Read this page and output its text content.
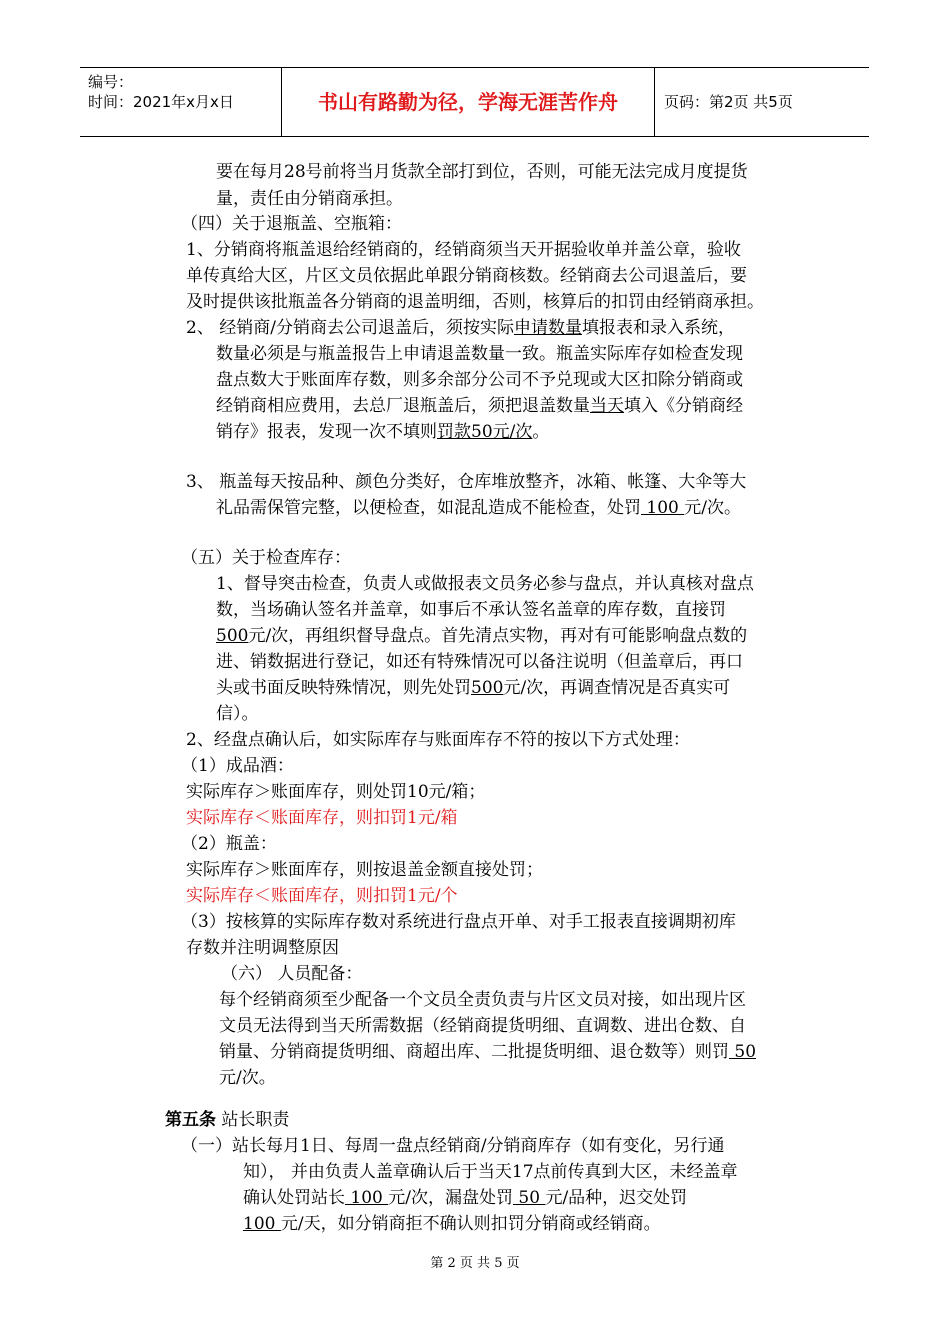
编号：
时间：2021年x月x日	书山有路勤为径，学海无涯苦作舟	页码：第2页 共5页
要在每月28号前将当月货款全部打到位，否则，可能无法完成月度提货
量，责任由分销商承担。
（四）关于退瓶盖、空瓶箱：
1、分销商将瓶盖退给经销商的，经销商须当天开据验收单并盖公章，验收
单传真给大区，片区文员依据此单跟分销商核数。经销商去公司退盖后，要
及时提供该批瓶盖各分销商的退盖明细，否则，核算后的扣罚由经销商承担。
2、 经销商/分销商去公司退盖后，须按实际申请数量填报表和录入系统，
数量必须是与瓶盖报告上申请退盖数量一致。瓶盖实际库存如检查发现
盘点数大于账面库存数，则多余部分公司不予兑现或大区扣除分销商或
经销商相应费用，去总厂退瓶盖后，须把退盖数量当天填入《分销商经
销存》报表，发现一次不填则罚款50元/次。
3、 瓶盖每天按品种、颜色分类好，仓库堆放整齐，冰箱、帐篷、大伞等大
礼品需保管完整，以便检查，如混乱造成不能检查，处罚 100 元/次。
（五）关于检查库存：
1、督导突击检查，负责人或做报表文员务必参与盘点，并认真核对盘点
数，当场确认签名并盖章，如事后不承认签名盖章的库存数，直接罚
500元/次，再组织督导盘点。首先清点实物，再对有可能影响盘点数的
进、销数据进行登记，如还有特殊情况可以备注说明（但盖章后，再口
头或书面反映特殊情况，则先处罚500元/次，再调查情况是否真实可
信）。
2、经盘点确认后，如实际库存与账面库存不符的按以下方式处理：
（1）成品酒：
实际库存＞账面库存，则处罚10元/箱；
实际库存＜账面库存，则扣罚1元/箱
（2）瓶盖：
实际库存＞账面库存，则按退盖金额直接处罚；
实际库存＜账面库存，则扣罚1元/个
（3）按核算的实际库存数对系统进行盘点开单、对手工报表直接调期初库
存数并注明调整原因
（六） 人员配备：
每个经销商须至少配备一个文员全责负责与片区文员对接，如出现片区
文员无法得到当天所需数据（经销商提货明细、直调数、进出仓数、自
销量、分销商提货明细、商超出库、二批提货明细、退仓数等）则罚 50
元/次。
第五条 站长职责
（一）站长每月1日、每周一盘点经销商/分销商库存（如有变化，另行通
知）， 并由负责人盖章确认后于当天17点前传真到大区，未经盖章
确认处罚站长 100 元/次，漏盘处罚 50 元/品种，迟交处罚
100 元/天，如分销商拒不确认则扣罚分销商或经销商。
第 2 页 共 5 页
